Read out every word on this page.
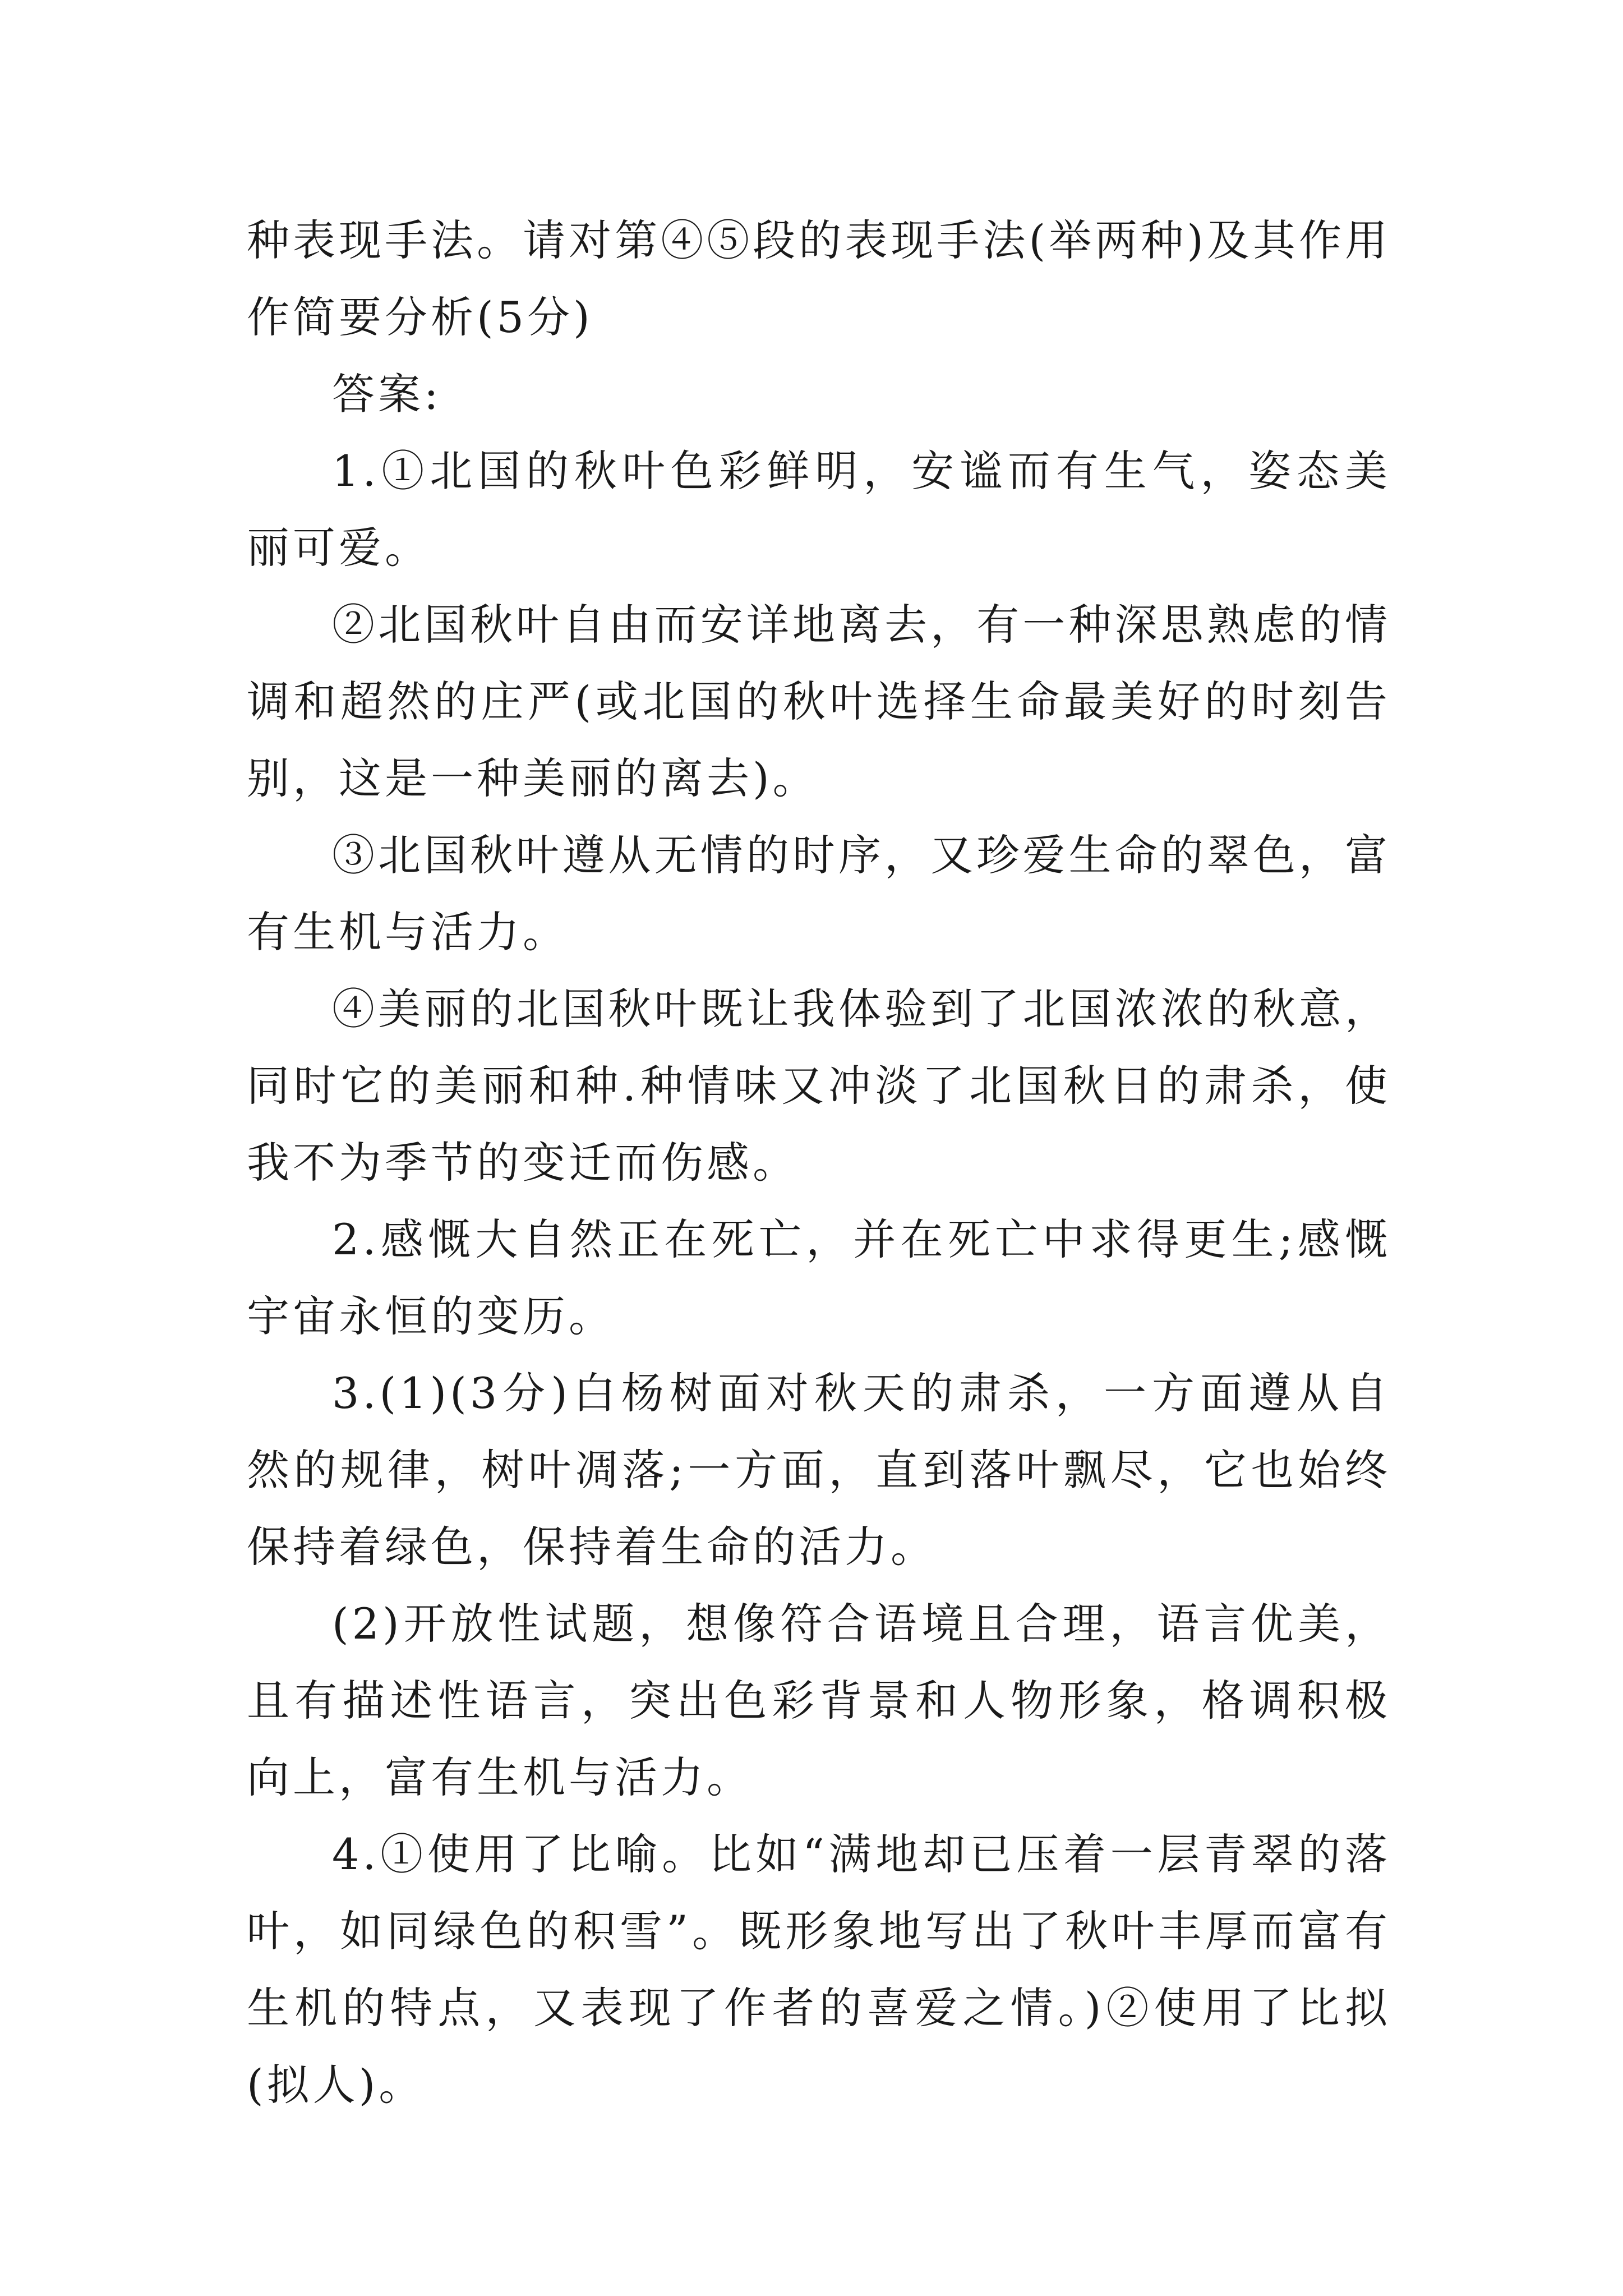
种表现手法。请对第④⑤段的表现手法(举两种)及其作用作简要分析(5分)

答案:

1.①北国的秋叶色彩鲜明，安谧而有生气，姿态美丽可爱。

②北国秋叶自由而安详地离去，有一种深思熟虑的情调和超然的庄严(或北国的秋叶选择生命最美好的时刻告别，这是一种美丽的离去)。

③北国秋叶遵从无情的时序，又珍爱生命的翠色，富有生机与活力。

④美丽的北国秋叶既让我体验到了北国浓浓的秋意，同时它的美丽和种.种情味又冲淡了北国秋日的肃杀，使我不为季节的变迁而伤感。

2.感慨大自然正在死亡，并在死亡中求得更生;感慨宇宙永恒的变历。

3.(1)(3分)白杨树面对秋天的肃杀，一方面遵从自然的规律，树叶凋落;一方面，直到落叶飘尽，它也始终保持着绿色，保持着生命的活力。

(2)开放性试题，想像符合语境且合理，语言优美，且有描述性语言，突出色彩背景和人物形象，格调积极向上，富有生机与活力。

4.①使用了比喻。比如“满地却已压着一层青翠的落叶，如同绿色的积雪”。既形象地写出了秋叶丰厚而富有生机的特点，又表现了作者的喜爱之情。)②使用了比拟(拟人)。
